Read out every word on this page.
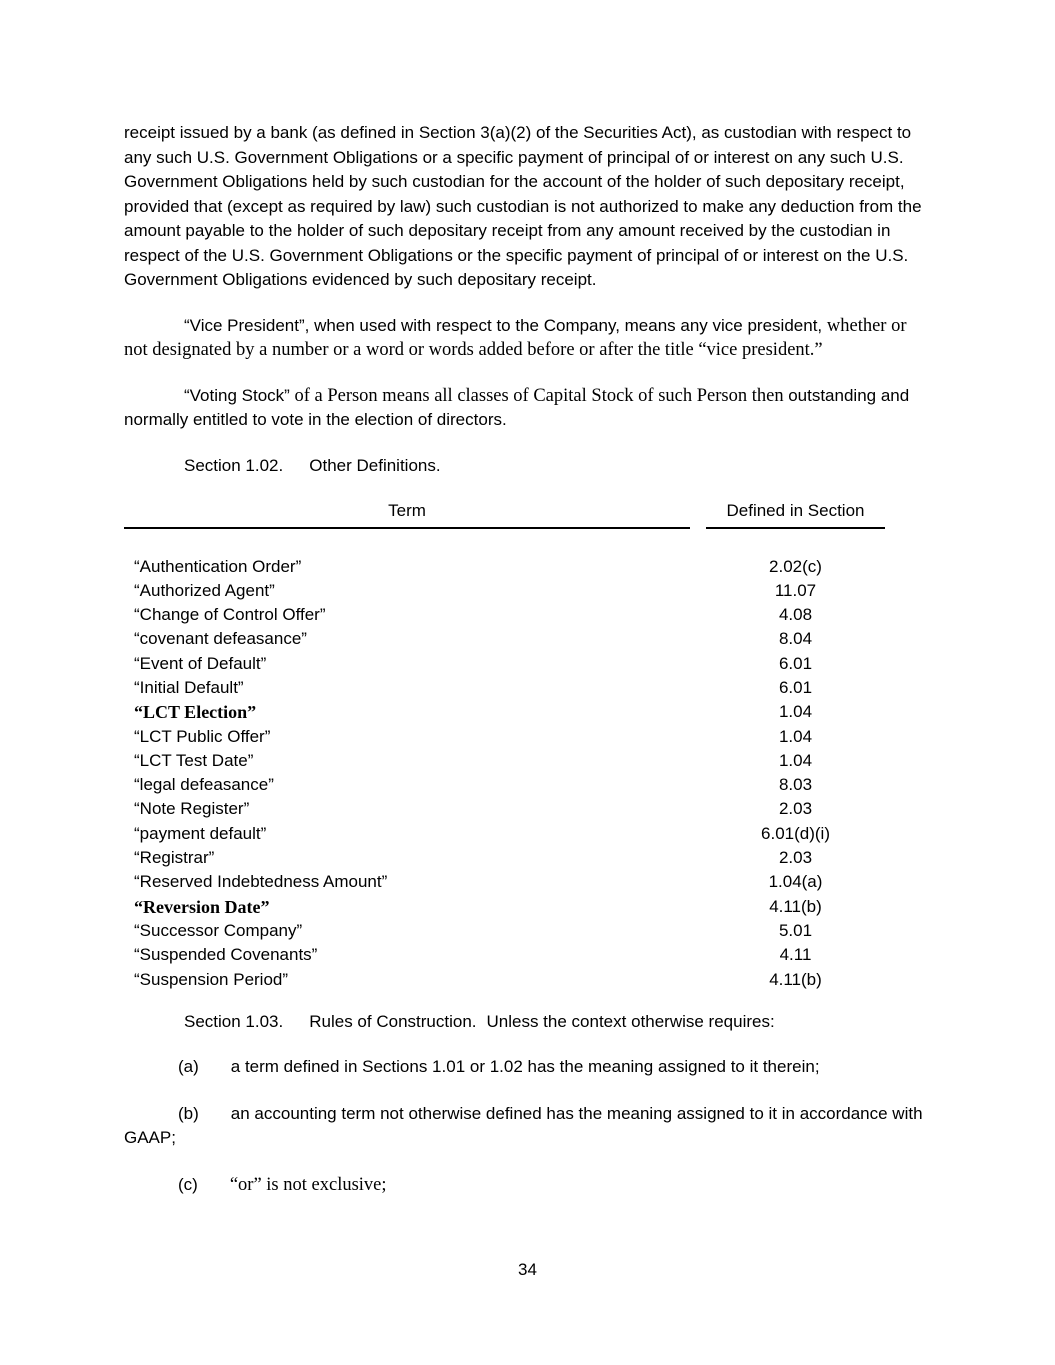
receipt issued by a bank (as defined in Section 3(a)(2) of the Securities Act), as custodian with respect to any such U.S. Government Obligations or a specific payment of principal of or interest on any such U.S. Government Obligations held by such custodian for the account of the holder of such depositary receipt, provided that (except as required by law) such custodian is not authorized to make any deduction from the amount payable to the holder of such depositary receipt from any amount received by the custodian in respect of the U.S. Government Obligations or the specific payment of principal of or interest on the U.S. Government Obligations evidenced by such depositary receipt.

“Vice President”, when used with respect to the Company, means any vice president, whether or not designated by a number or a word or words added before or after the title “vice president.”

“Voting Stock” of a Person means all classes of Capital Stock of such Person then outstanding and normally entitled to vote in the election of directors.

Section 1.02. Other Definitions.

Term	Defined in Section
“Authentication Order”	2.02(c)
“Authorized Agent”	11.07
“Change of Control Offer”	4.08
“covenant defeasance”	8.04
“Event of Default”	6.01
“Initial Default”	6.01
“LCT Election”	1.04
“LCT Public Offer”	1.04
“LCT Test Date”	1.04
“legal defeasance”	8.03
“Note Register”	2.03
“payment default”	6.01(d)(i)
“Registrar”	2.03
“Reserved Indebtedness Amount”	1.04(a)
“Reversion Date”	4.11(b)
“Successor Company”	5.01
“Suspended Covenants”	4.11
“Suspension Period”	4.11(b)

Section 1.03. Rules of Construction. Unless the context otherwise requires:

(a) a term defined in Sections 1.01 or 1.02 has the meaning assigned to it therein;

(b) an accounting term not otherwise defined has the meaning assigned to it in accordance with GAAP;

(c) “or” is not exclusive;

34
